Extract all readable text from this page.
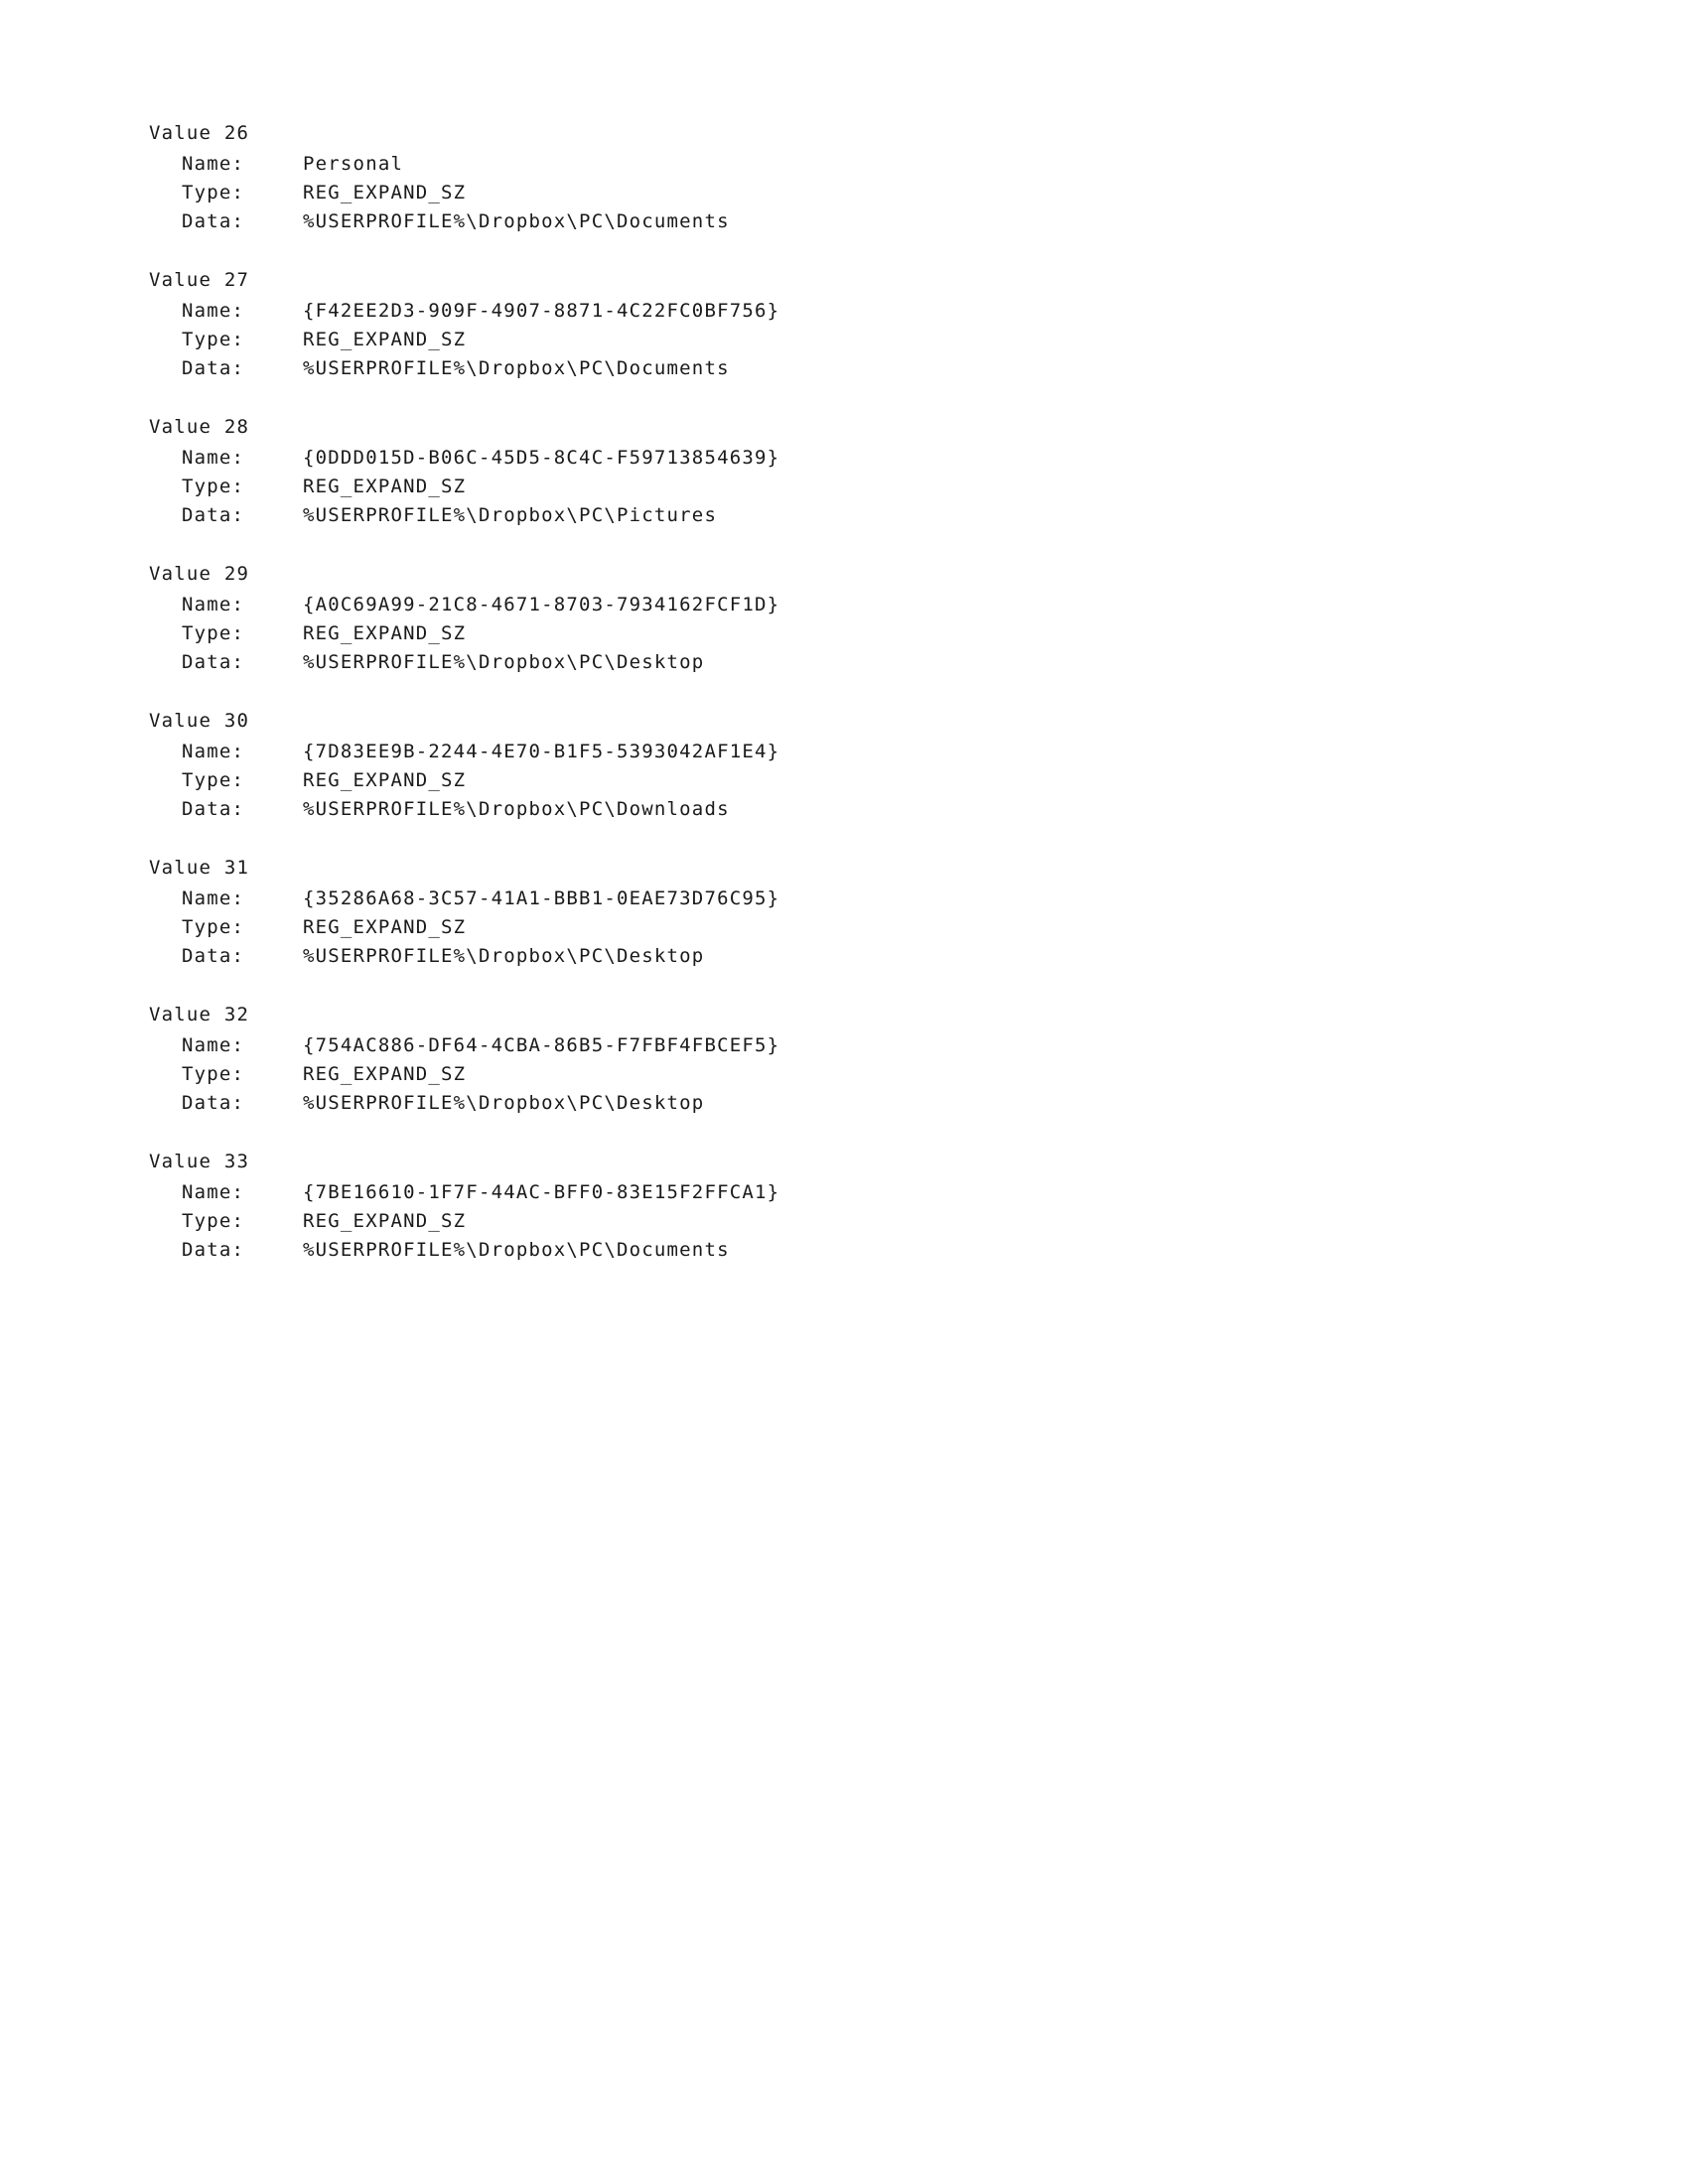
Value 26
Name:	Personal
Type:	REG_EXPAND_SZ
Data:	%USERPROFILE%\Dropbox\PC\Documents
Value 27
Name:	{F42EE2D3-909F-4907-8871-4C22FC0BF756}
Type:	REG_EXPAND_SZ
Data:	%USERPROFILE%\Dropbox\PC\Documents
Value 28
Name:	{0DDD015D-B06C-45D5-8C4C-F59713854639}
Type:	REG_EXPAND_SZ
Data:	%USERPROFILE%\Dropbox\PC\Pictures
Value 29
Name:	{A0C69A99-21C8-4671-8703-7934162FCF1D}
Type:	REG_EXPAND_SZ
Data:	%USERPROFILE%\Dropbox\PC\Desktop
Value 30
Name:	{7D83EE9B-2244-4E70-B1F5-5393042AF1E4}
Type:	REG_EXPAND_SZ
Data:	%USERPROFILE%\Dropbox\PC\Downloads
Value 31
Name:	{35286A68-3C57-41A1-BBB1-0EAE73D76C95}
Type:	REG_EXPAND_SZ
Data:	%USERPROFILE%\Dropbox\PC\Desktop
Value 32
Name:	{754AC886-DF64-4CBA-86B5-F7FBF4FBCEF5}
Type:	REG_EXPAND_SZ
Data:	%USERPROFILE%\Dropbox\PC\Desktop
Value 33
Name:	{7BE16610-1F7F-44AC-BFF0-83E15F2FFCA1}
Type:	REG_EXPAND_SZ
Data:	%USERPROFILE%\Dropbox\PC\Documents
